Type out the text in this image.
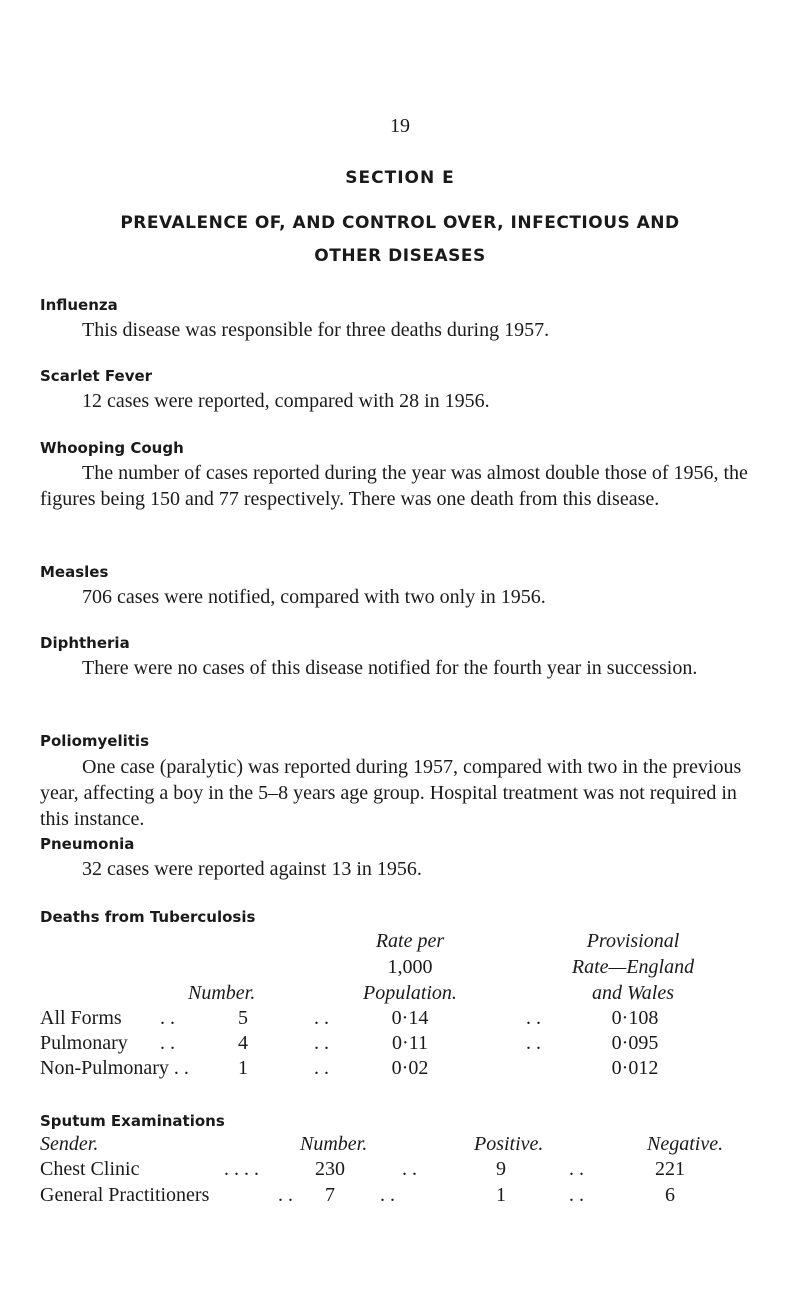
19
SECTION E
PREVALENCE OF, AND CONTROL OVER, INFECTIOUS AND
OTHER DISEASES
Influenza
This disease was responsible for three deaths during 1957.
Scarlet Fever
12 cases were reported, compared with 28 in 1956.
Whooping Cough
The number of cases reported during the year was almost double those of 1956, the figures being 150 and 77 respectively. There was one death from this disease.
Measles
706 cases were notified, compared with two only in 1956.
Diphtheria
There were no cases of this disease notified for the fourth year in succession.
Poliomyelitis
One case (paralytic) was reported during 1957, compared with two in the previous year, affecting a boy in the 5–8 years age group. Hospital treatment was not required in this instance.
Pneumonia
32 cases were reported against 13 in 1956.
Deaths from Tuberculosis
Rate per
1,000
Population.
Provisional
Rate—England
and Wales
Number.
All Forms . .	5	. .	0·14	. .	0·108
Pulmonary . .	4	. .	0·11	. .	0·095
Non-Pulmonary . .	1	. .	0·02	0·012
Sputum Examinations
Sender.	Number.	Positive.	Negative.
Chest Clinic	. . . .	230	. .	9	. .	221
General Practitioners	. .	7	. .	1	. .	6
